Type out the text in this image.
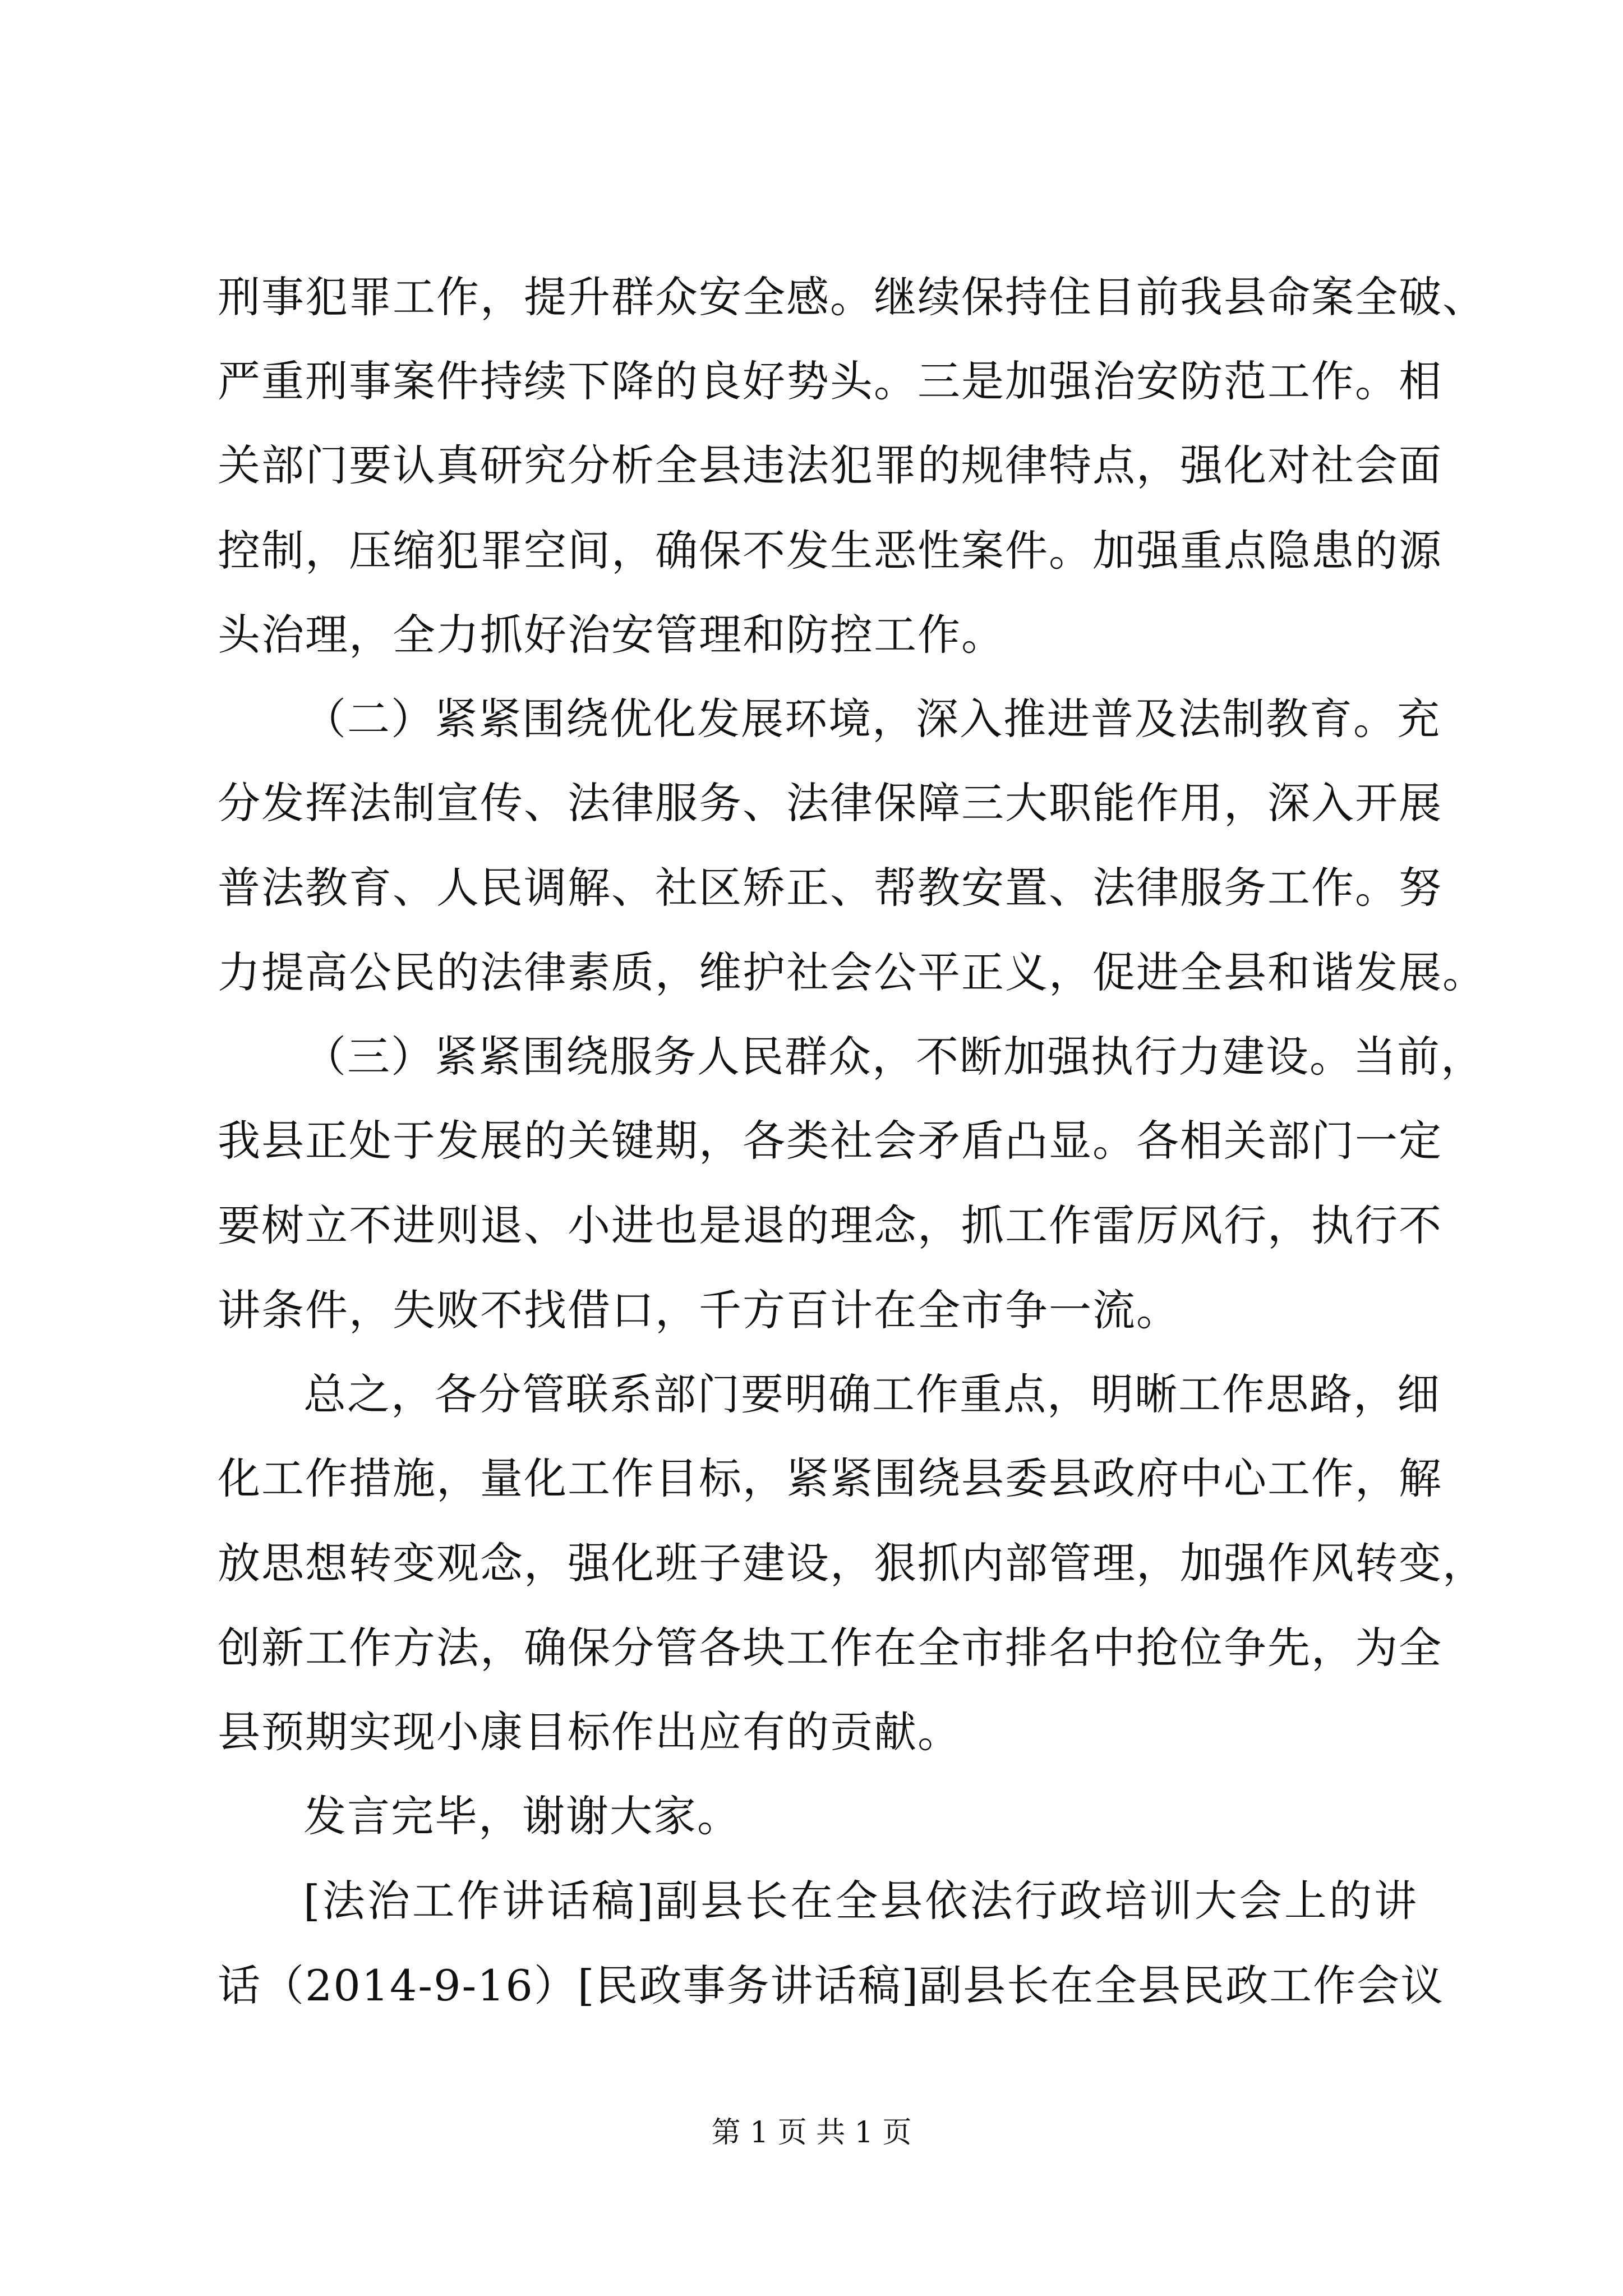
刑事犯罪工作，提升群众安全感。继续保持住目前我县命案全破、
严重刑事案件持续下降的良好势头。三是加强治安防范工作。相
关部门要认真研究分析全县违法犯罪的规律特点，强化对社会面
控制，压缩犯罪空间，确保不发生恶性案件。加强重点隐患的源
头治理，全力抓好治安管理和防控工作。
（二）紧紧围绕优化发展环境，深入推进普及法制教育。充
分发挥法制宣传、法律服务、法律保障三大职能作用，深入开展
普法教育、人民调解、社区矫正、帮教安置、法律服务工作。努
力提高公民的法律素质，维护社会公平正义，促进全县和谐发展。
（三）紧紧围绕服务人民群众，不断加强执行力建设。当前，
我县正处于发展的关键期，各类社会矛盾凸显。各相关部门一定
要树立不进则退、小进也是退的理念，抓工作雷厉风行，执行不
讲条件，失败不找借口，千方百计在全市争一流。
总之，各分管联系部门要明确工作重点，明晰工作思路，细
化工作措施，量化工作目标，紧紧围绕县委县政府中心工作，解
放思想转变观念，强化班子建设，狠抓内部管理，加强作风转变，
创新工作方法，确保分管各块工作在全市排名中抢位争先，为全
县预期实现小康目标作出应有的贡献。
发言完毕，谢谢大家。
[法治工作讲话稿]副县长在全县依法行政培训大会上的讲
话（2014-9-16）[民政事务讲话稿]副县长在全县民政工作会议
第 1 页 共 1 页
